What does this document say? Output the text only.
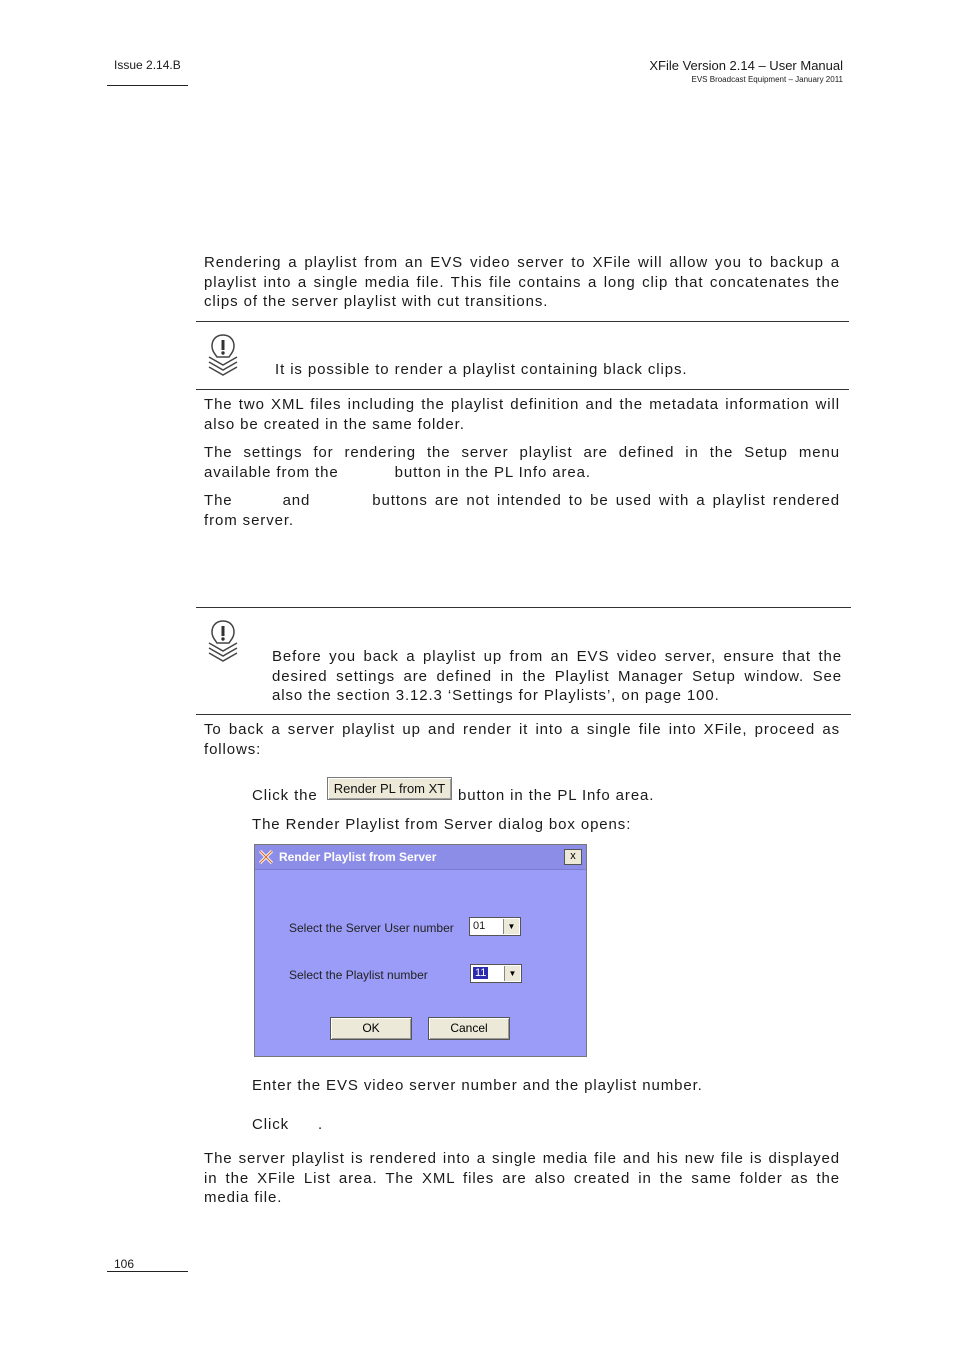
Issue 2.14.B	XFile Version 2.14 – User Manual
EVS Broadcast Equipment – January 2011
Rendering a playlist from an EVS video server to XFile will allow you to backup a playlist into a single media file. This file contains a long clip that concatenates the clips of the server playlist with cut transitions.
It is possible to render a playlist containing black clips.
The two XML files including the playlist definition and the metadata information will also be created in the same folder.
The settings for rendering the server playlist are defined in the Setup menu available from the	button in the PL Info area.
The	and	buttons are not intended to be used with a playlist rendered from server.
Before you back a playlist up from an EVS video server, ensure that the desired settings are defined in the Playlist Manager Setup window. See also the section 3.12.3 ‘Settings for Playlists’, on page 100.
To back a server playlist up and render it into a single file into XFile, proceed as follows:
Click the	Render PL from XT button in the PL Info area.
The Render Playlist from Server dialog box opens:
Render Playlist from Server	x
Select the Server User number 01	▼
Select the Playlist number	11	▼
OK	Cancel
Enter the EVS video server number and the playlist number.
Click .
The server playlist is rendered into a single media file and his new file is displayed in the XFile List area. The XML files are also created in the same folder as the media file.
106
